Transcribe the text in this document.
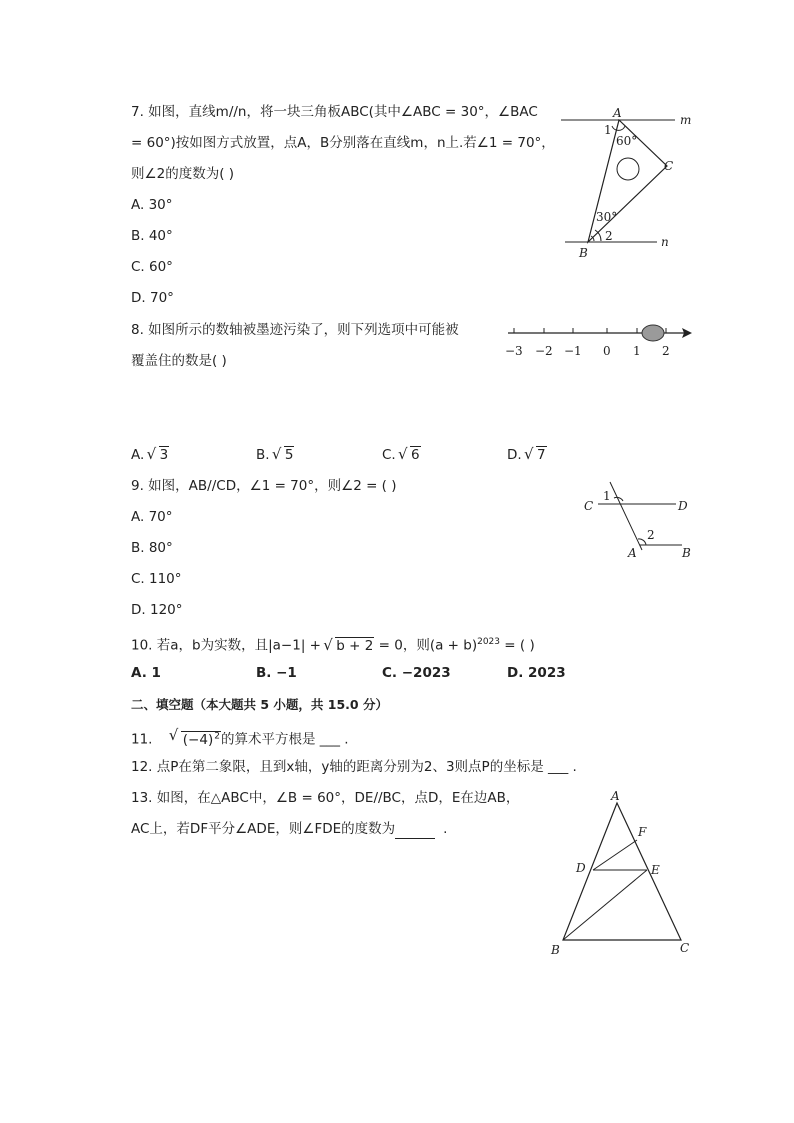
7. 如图，直线m//n，将一块三角板ABC(其中∠ABC = 30°，∠BAC
= 60°)按如图方式放置，点A，B分别落在直线m，n上.若∠1 = 70°，
则∠2的度数为( )
A. 30°
B. 40°
C. 60°
D. 70°
m
n
A
B
C
1
60°
30°
2
8. 如图所示的数轴被墨迹污染了，则下列选项中可能被
覆盖住的数是( )
−3 −2 −1 0 1 2
A. √ 3	B. √ 5	C. √ 6	D. √ 7
9. 如图，AB//CD，∠1 = 70°，则∠2 = ( )
A. 70°
B. 80°
C. 110°
D. 120°
C	D
A	B
1
2
10. 若a，b为实数，且|a−1| + √ b + 2 = 0，则$(a + b)^{2023}$ = ( )
A. 1	B. −1	C. −2023	D. 2023
二、填空题（本大题共 5 小题，共 15.0 分）
11. √ $(-4)^2$的算术平方根是 ___ .
12. 点P在第二象限，且到x轴，y轴的距离分别为2、3则点P的坐标是 ___ .
13. 如图，在△ABC中，∠B = 60°，DE//BC，点D，E在边AB，
AC上，若DF平分∠ADE，则∠FDE的度数为	.
A
B	C
D	E
F
